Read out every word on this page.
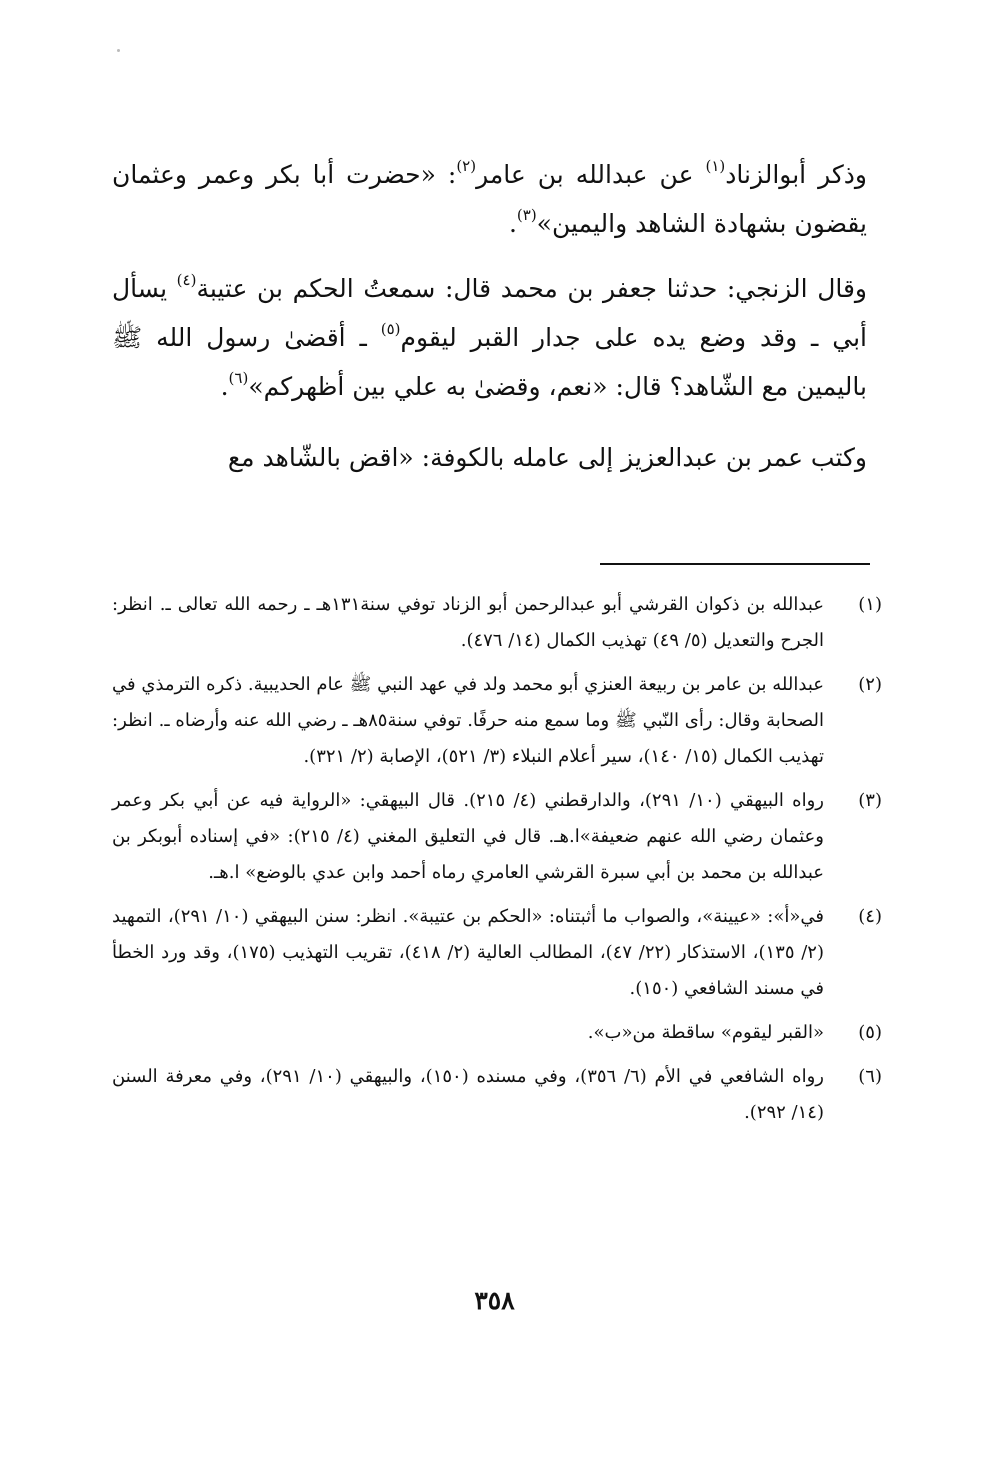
وذكر أبوالزناد$^{(١)}$ عن عبدالله بن عامر$^{(٢)}$: «حضرت أبا بكر وعمر وعثمان يقضون بشهادة الشاهد واليمين»$^{(٣)}$.

وقال الزنجي: حدثنا جعفر بن محمد قال: سمعتُ الحكم بن عتيبة$^{(٤)}$ يسأل أبي ـ وقد وضع يده على جدار القبر ليقوم$^{(٥)}$ ـ أقضىٰ رسول الله ﷺ باليمين مع الشّاهد؟ قال: «نعم، وقضىٰ به علي بين أظهركم»$^{(٦)}$.

وكتب عمر بن عبدالعزيز إلى عامله بالكوفة: «اقض بالشّاهد مع

(١)
عبدالله بن ذكوان القرشي أبو عبدالرحمن أبو الزناد توفي سنة١٣١هـ ـ رحمه الله تعالى ـ. انظر: الجرح والتعديل (٥/ ٤٩) تهذيب الكمال (١٤/ ٤٧٦).
(٢)
عبدالله بن عامر بن ربيعة العنزي أبو محمد ولد في عهد النبي ﷺ عام الحديبية. ذكره الترمذي في الصحابة وقال: رأى النّبي ﷺ وما سمع منه حرفًا. توفي سنة٨٥هـ ـ رضي الله عنه وأرضاه ـ. انظر: تهذيب الكمال (١٥/ ١٤٠)، سير أعلام النبلاء (٣/ ٥٢١)، الإصابة (٢/ ٣٢١).
(٣)
رواه البيهقي (١٠/ ٢٩١)، والدارقطني (٤/ ٢١٥). قال البيهقي: «الرواية فيه عن أبي بكر وعمر وعثمان رضي الله عنهم ضعيفة»ا.هـ. قال في التعليق المغني (٤/ ٢١٥): «في إسناده أبوبكر بن عبدالله بن محمد بن أبي سبرة القرشي العامري رماه أحمد وابن عدي بالوضع» ا.هـ.
(٤)
في«أ»: «عيينة»، والصواب ما أثبتناه: «الحكم بن عتيبة». انظر: سنن البيهقي (١٠/ ٢٩١)، التمهيد (٢/ ١٣٥)، الاستذكار (٢٢/ ٤٧)، المطالب العالية (٢/ ٤١٨)، تقريب التهذيب (١٧٥)، وقد ورد الخطأ في مسند الشافعي (١٥٠).
(٥)
«القبر ليقوم» ساقطة من«ب».
(٦)
رواه الشافعي في الأم (٦/ ٣٥٦)، وفي مسنده (١٥٠)، والبيهقي (١٠/ ٢٩١)، وفي معرفة السنن (١٤/ ٢٩٢).
٣٥٨
